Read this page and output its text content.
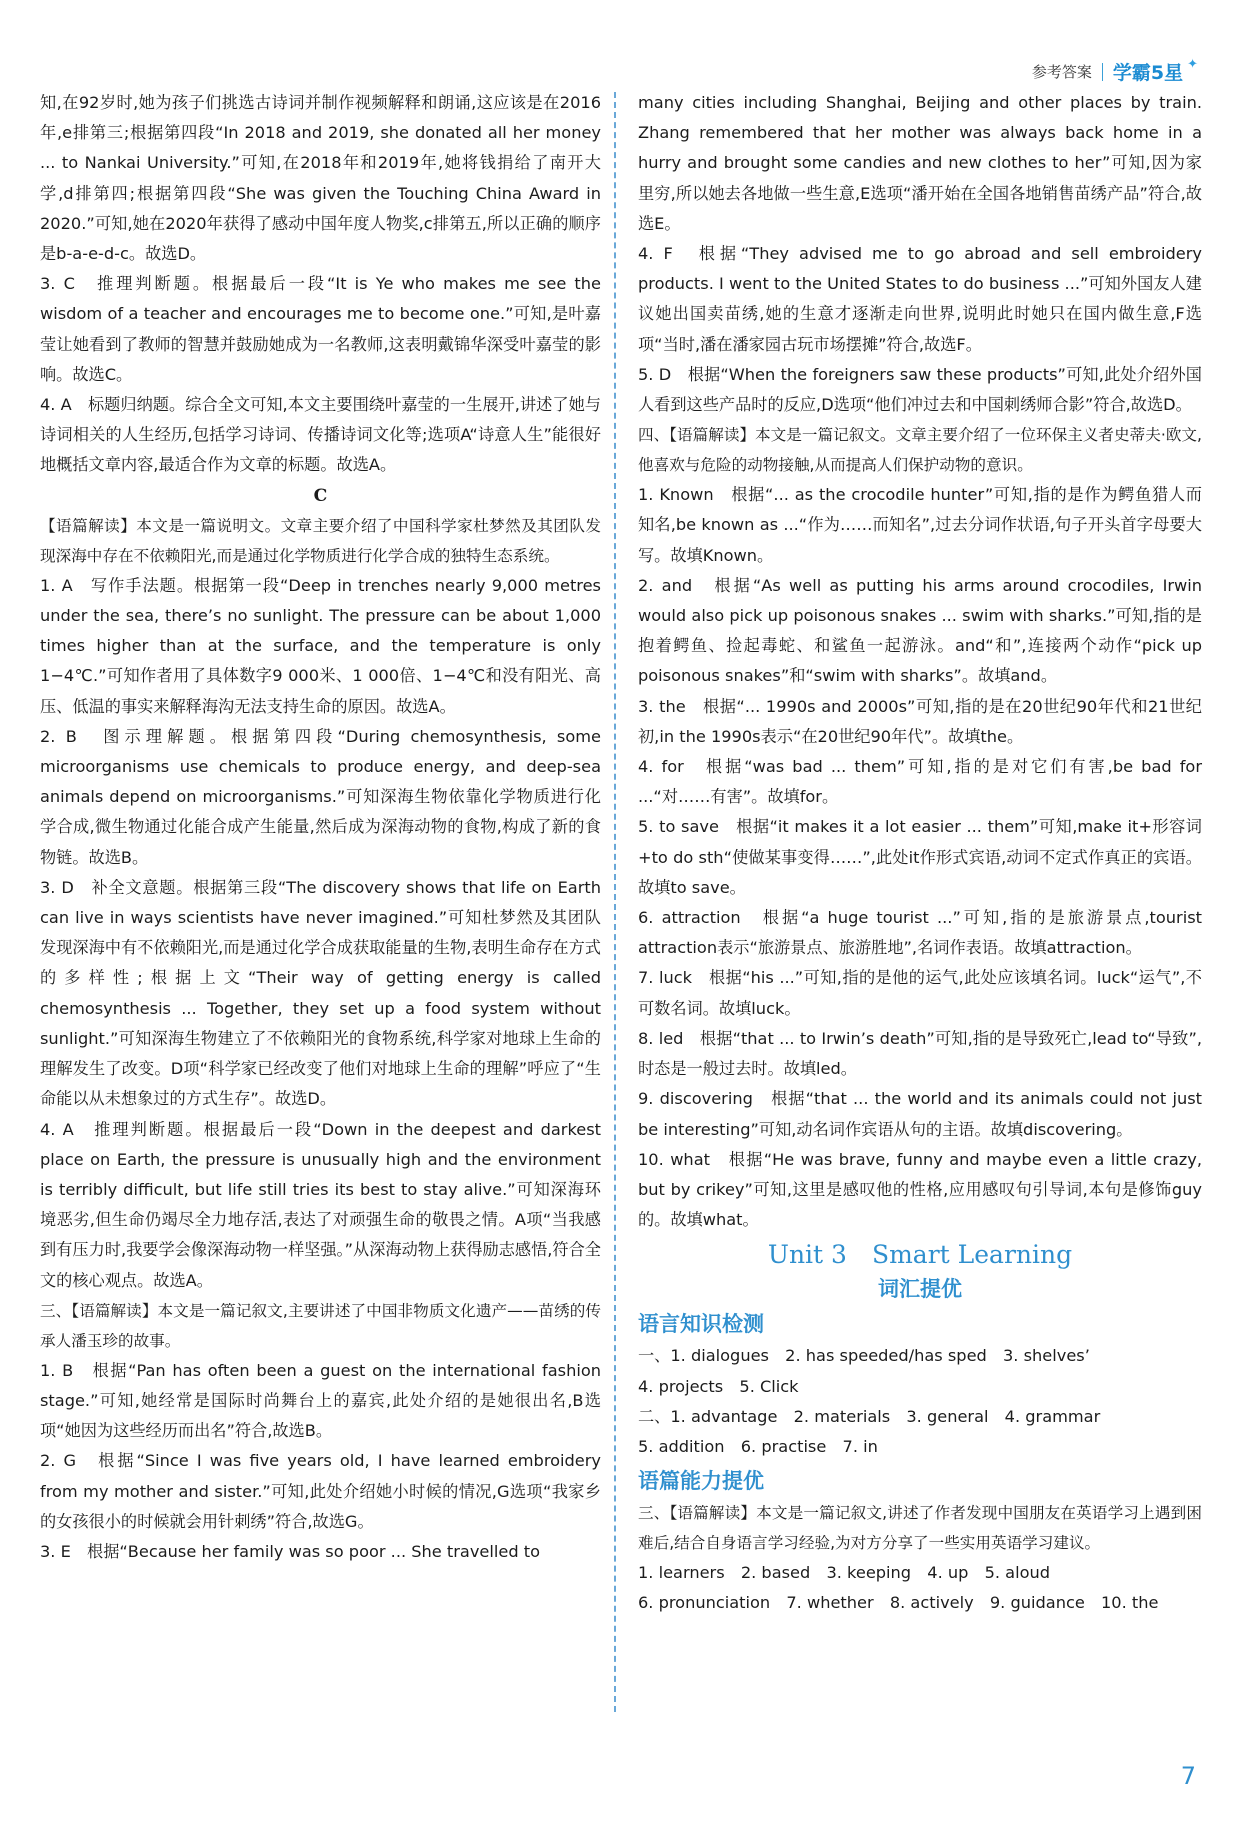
参考答案 学霸5星 ✦

知,在92岁时,她为孩子们挑选古诗词并制作视频解释和朗诵,这应该是在2016年,e排第三;根据第四段“In 2018 and 2019, she donated all her money ... to Nankai University.”可知,在2018年和2019年,她将钱捐给了南开大学,d排第四;根据第四段“She was given the Touching China Award in 2020.”可知,她在2020年获得了感动中国年度人物奖,c排第五,所以正确的顺序是b-a-e-d-c。故选D。

3. C　推理判断题。根据最后一段“It is Ye who makes me see the wisdom of a teacher and encourages me to become one.”可知,是叶嘉莹让她看到了教师的智慧并鼓励她成为一名教师,这表明戴锦华深受叶嘉莹的影响。故选C。

4. A　标题归纳题。综合全文可知,本文主要围绕叶嘉莹的一生展开,讲述了她与诗词相关的人生经历,包括学习诗词、传播诗词文化等;选项A“诗意人生”能很好地概括文章内容,最适合作为文章的标题。故选A。

C

【语篇解读】本文是一篇说明文。文章主要介绍了中国科学家杜梦然及其团队发现深海中存在不依赖阳光,而是通过化学物质进行化学合成的独特生态系统。

1. A　写作手法题。根据第一段“Deep in trenches nearly 9,000 metres under the sea, there’s no sunlight. The pressure can be about 1,000 times higher than at the surface, and the temperature is only 1−4℃.”可知作者用了具体数字9 000米、1 000倍、1−4℃和没有阳光、高压、低温的事实来解释海沟无法支持生命的原因。故选A。

2. B　图示理解题。根据第四段“During chemosynthesis, some microorganisms use chemicals to produce energy, and deep-sea animals depend on microorganisms.”可知深海生物依靠化学物质进行化学合成,微生物通过化能合成产生能量,然后成为深海动物的食物,构成了新的食物链。故选B。

3. D　补全文意题。根据第三段“The discovery shows that life on Earth can live in ways scientists have never imagined.”可知杜梦然及其团队发现深海中有不依赖阳光,而是通过化学合成获取能量的生物,表明生命存在方式的多样性;根据上文“Their way of getting energy is called chemosynthesis ... Together, they set up a food system without sunlight.”可知深海生物建立了不依赖阳光的食物系统,科学家对地球上生命的理解发生了改变。D项“科学家已经改变了他们对地球上生命的理解”呼应了“生命能以从未想象过的方式生存”。故选D。

4. A　推理判断题。根据最后一段“Down in the deepest and darkest place on Earth, the pressure is unusually high and the environment is terribly difficult, but life still tries its best to stay alive.”可知深海环境恶劣,但生命仍竭尽全力地存活,表达了对顽强生命的敬畏之情。A项“当我感到有压力时,我要学会像深海动物一样坚强。”从深海动物上获得励志感悟,符合全文的核心观点。故选A。

三、【语篇解读】本文是一篇记叙文,主要讲述了中国非物质文化遗产——苗绣的传承人潘玉珍的故事。

1. B　根据“Pan has often been a guest on the international fashion stage.”可知,她经常是国际时尚舞台上的嘉宾,此处介绍的是她很出名,B选项“她因为这些经历而出名”符合,故选B。

2. G　根据“Since I was five years old, I have learned embroidery from my mother and sister.”可知,此处介绍她小时候的情况,G选项“我家乡的女孩很小的时候就会用针刺绣”符合,故选G。

3. E　根据“Because her family was so poor ... She travelled to

many cities including Shanghai, Beijing and other places by train. Zhang remembered that her mother was always back home in a hurry and brought some candies and new clothes to her”可知,因为家里穷,所以她去各地做一些生意,E选项“潘开始在全国各地销售苗绣产品”符合,故选E。

4. F　根据“They advised me to go abroad and sell embroidery products. I went to the United States to do business ...”可知外国友人建议她出国卖苗绣,她的生意才逐渐走向世界,说明此时她只在国内做生意,F选项“当时,潘在潘家园古玩市场摆摊”符合,故选F。

5. D　根据“When the foreigners saw these products”可知,此处介绍外国人看到这些产品时的反应,D选项“他们冲过去和中国刺绣师合影”符合,故选D。

四、【语篇解读】本文是一篇记叙文。文章主要介绍了一位环保主义者史蒂夫·欧文,他喜欢与危险的动物接触,从而提高人们保护动物的意识。

1. Known　根据“... as the crocodile hunter”可知,指的是作为鳄鱼猎人而知名,be known as ...“作为……而知名”,过去分词作状语,句子开头首字母要大写。故填Known。

2. and　根据“As well as putting his arms around crocodiles, Irwin would also pick up poisonous snakes ... swim with sharks.”可知,指的是抱着鳄鱼、捡起毒蛇、和鲨鱼一起游泳。and“和”,连接两个动作“pick up poisonous snakes”和“swim with sharks”。故填and。

3. the　根据“... 1990s and 2000s”可知,指的是在20世纪90年代和21世纪初,in the 1990s表示“在20世纪90年代”。故填the。

4. for　根据“was bad ... them”可知,指的是对它们有害,be bad for ...“对……有害”。故填for。

5. to save　根据“it makes it a lot easier ... them”可知,make it+形容词+to do sth“使做某事变得……”,此处it作形式宾语,动词不定式作真正的宾语。故填to save。

6. attraction　根据“a huge tourist ...”可知,指的是旅游景点,tourist attraction表示“旅游景点、旅游胜地”,名词作表语。故填attraction。

7. luck　根据“his ...”可知,指的是他的运气,此处应该填名词。luck“运气”,不可数名词。故填luck。

8. led　根据“that ... to Irwin’s death”可知,指的是导致死亡,lead to“导致”,时态是一般过去时。故填led。

9. discovering　根据“that ... the world and its animals could not just be interesting”可知,动名词作宾语从句的主语。故填discovering。

10. what　根据“He was brave, funny and maybe even a little crazy, but by crikey”可知,这里是感叹他的性格,应用感叹句引导词,本句是修饰guy的。故填what。

Unit 3　Smart Learning

词汇提优

语言知识检测

一、1. dialogues　2. has speeded/has sped　3. shelves’

4. projects　5. Click

二、1. advantage　2. materials　3. general　4. grammar

5. addition　6. practise　7. in

语篇能力提优

三、【语篇解读】本文是一篇记叙文,讲述了作者发现中国朋友在英语学习上遇到困难后,结合自身语言学习经验,为对方分享了一些实用英语学习建议。

1. learners　2. based　3. keeping　4. up　5. aloud

6. pronunciation　7. whether　8. actively　9. guidance　10. the

7
